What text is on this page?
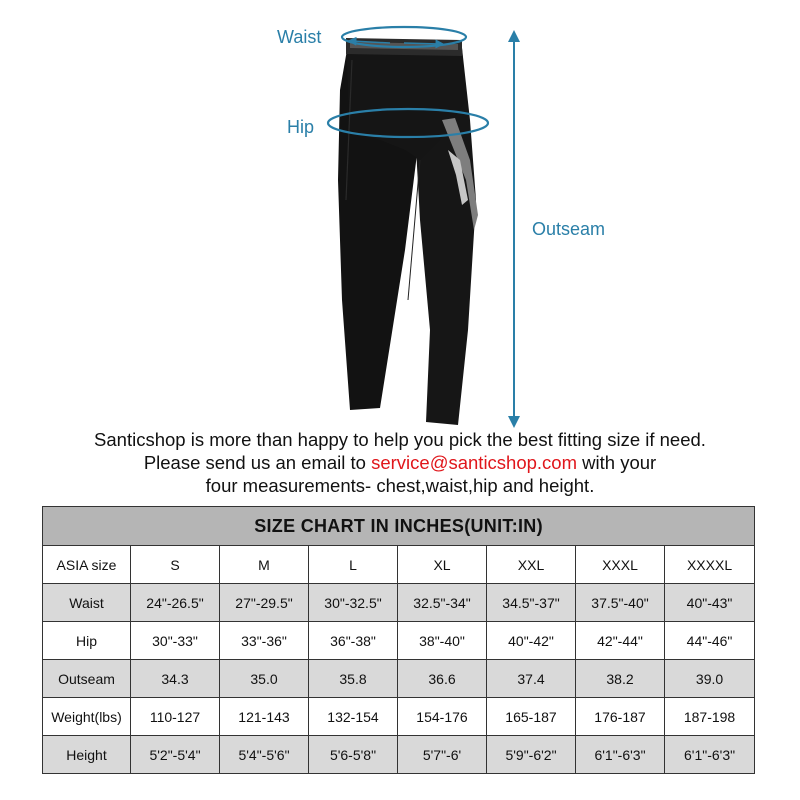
Waist
Hip
Outseam
Santicshop is more than happy to help you pick the best fitting size if need.
Please send us an email to service@santicshop.com with your
four measurements- chest,waist,hip and height.
SIZE CHART IN INCHES(UNIT:IN)							
ASIA size	S	M	L	XL	XXL	XXXL	XXXXL
Waist	24"-26.5"	27"-29.5"	30"-32.5"	32.5"-34"	34.5"-37"	37.5"-40"	40"-43"
Hip	30"-33"	33"-36"	36"-38"	38"-40"	40"-42"	42"-44"	44"-46"
Outseam	34.3	35.0	35.8	36.6	37.4	38.2	39.0
Weight(lbs)	110-127	121-143	132-154	154-176	165-187	176-187	187-198
Height	5'2"-5'4"	5'4"-5'6"	5'6-5'8"	5'7"-6'	5'9"-6'2"	6'1"-6'3"	6'1"-6'3"
